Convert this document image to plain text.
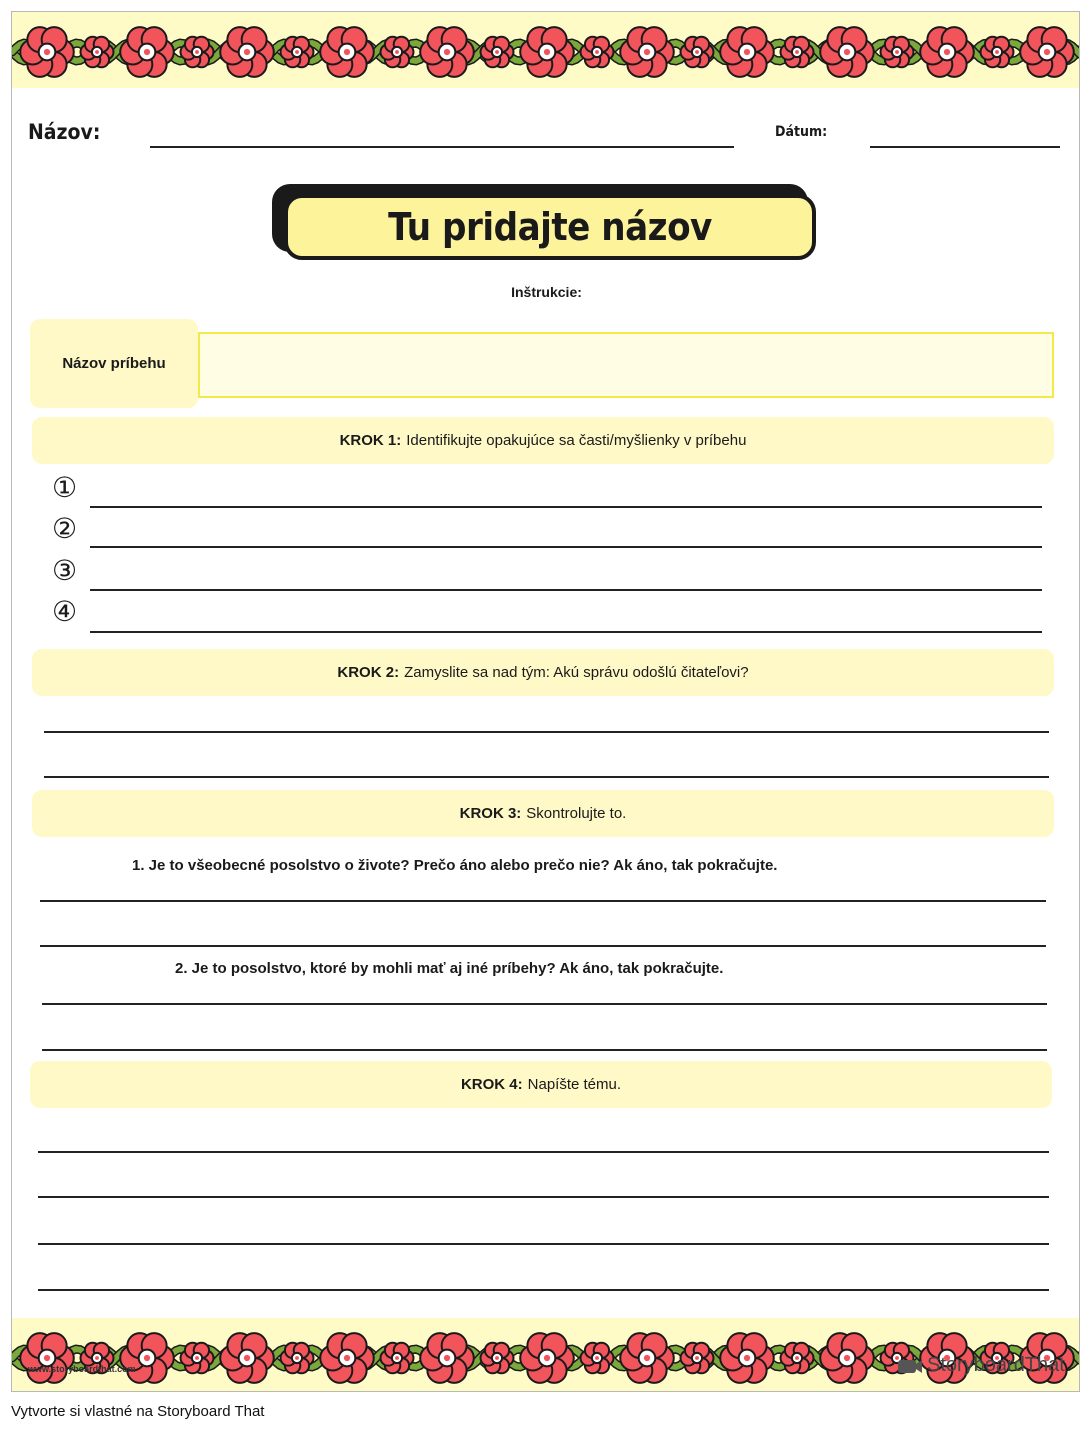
Názov:	Dátum:
Tu pridajte názov
Inštrukcie:
Názov príbehu
KROK 1: Identifikujte opakujúce sa časti/myšlienky v príbehu
①
②
③
④
KROK 2: Zamyslite sa nad tým: Akú správu odošlú čitateľovi?
KROK 3: Skontrolujte to.
1. Je to všeobecné posolstvo o živote? Prečo áno alebo prečo nie? Ak áno, tak pokračujte.
2. Je to posolstvo, ktoré by mohli mať aj iné príbehy? Ak áno, tak pokračujte.
KROK 4: Napíšte tému.
www.storyboardthat.com	StoryboardThat
Vytvorte si vlastné na Storyboard That
